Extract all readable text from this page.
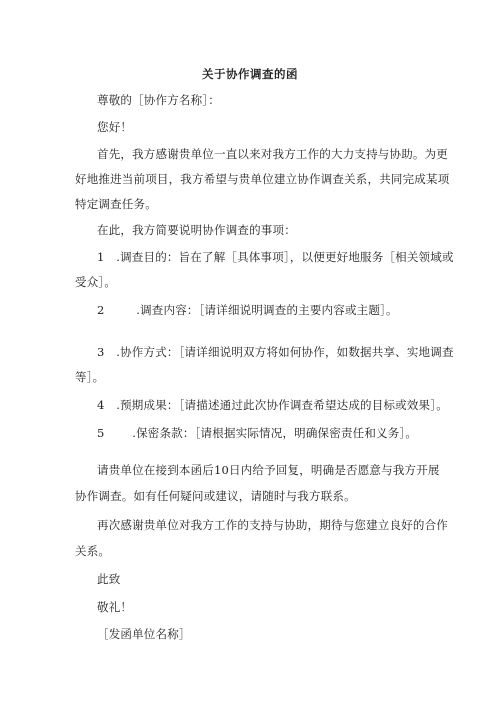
关于协作调查的函
尊敬的［协作方名称］：
您好！
首先，我方感谢贵单位一直以来对我方工作的大力支持与协助。为更
好地推进当前项目，我方希望与贵单位建立协作调查关系，共同完成某项
特定调查任务。
在此，我方简要说明协作调查的事项：
1 .调查目的：旨在了解［具体事项］，以便更好地服务［相关领域或
受众］。
2	.调查内容：［请详细说明调查的主要内容或主题］。
3 .协作方式：［请详细说明双方将如何协作，如数据共享、实地调查
等］。
4 .预期成果：［请描述通过此次协作调查希望达成的目标或效果］。
5 .保密条款：［请根据实际情况，明确保密责任和义务］。
请贵单位在接到本函后10日内给予回复，明确是否愿意与我方开展
协作调查。如有任何疑问或建议，请随时与我方联系。
再次感谢贵单位对我方工作的支持与协助，期待与您建立良好的合作
关系。
此致
敬礼！
［发函单位名称］
